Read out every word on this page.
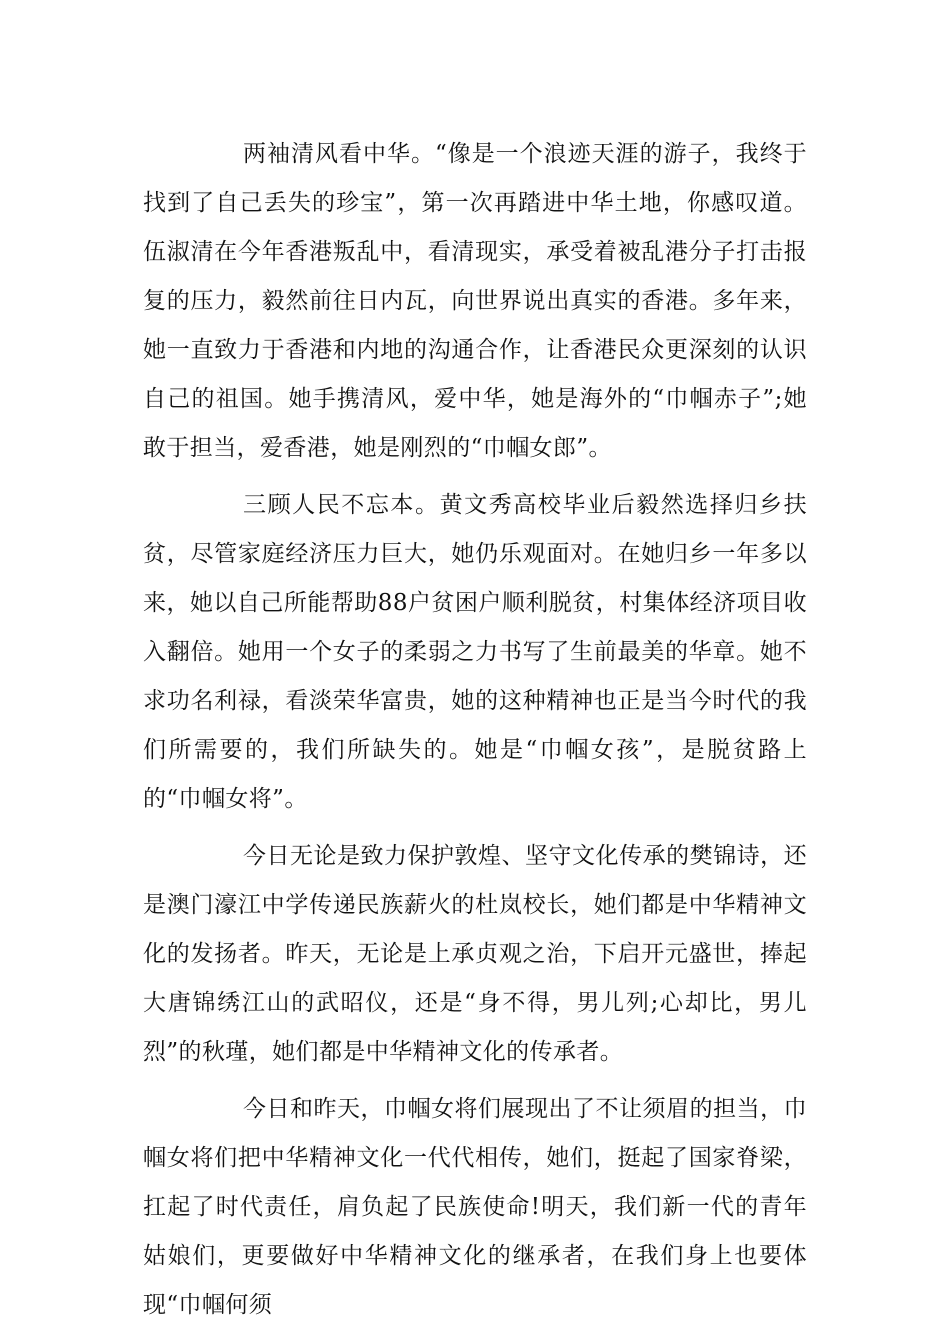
两袖清风看中华。“像是一个浪迹天涯的游子，我终于找到了自己丢失的珍宝”，第一次再踏进中华土地，你感叹道。伍淑清在今年香港叛乱中，看清现实，承受着被乱港分子打击报复的压力，毅然前往日内瓦，向世界说出真实的香港。多年来，她一直致力于香港和内地的沟通合作，让香港民众更深刻的认识自己的祖国。她手携清风，爱中华，她是海外的“巾帼赤子”;她敢于担当，爱香港，她是刚烈的“巾帼女郎”。

三顾人民不忘本。黄文秀高校毕业后毅然选择归乡扶贫，尽管家庭经济压力巨大，她仍乐观面对。在她归乡一年多以来，她以自己所能帮助88户贫困户顺利脱贫，村集体经济项目收入翻倍。她用一个女子的柔弱之力书写了生前最美的华章。她不求功名利禄，看淡荣华富贵，她的这种精神也正是当今时代的我们所需要的，我们所缺失的。她是“巾帼女孩”，是脱贫路上的“巾帼女将”。

今日无论是致力保护敦煌、坚守文化传承的樊锦诗，还是澳门濠江中学传递民族薪火的杜岚校长，她们都是中华精神文化的发扬者。昨天，无论是上承贞观之治，下启开元盛世，捧起大唐锦绣江山的武昭仪，还是“身不得，男儿列;心却比，男儿烈”的秋瑾，她们都是中华精神文化的传承者。

今日和昨天，巾帼女将们展现出了不让须眉的担当，巾帼女将们把中华精神文化一代代相传，她们，挺起了国家脊梁，扛起了时代责任，肩负起了民族使命!明天，我们新一代的青年姑娘们，更要做好中华精神文化的继承者，在我们身上也要体现“巾帼何须
